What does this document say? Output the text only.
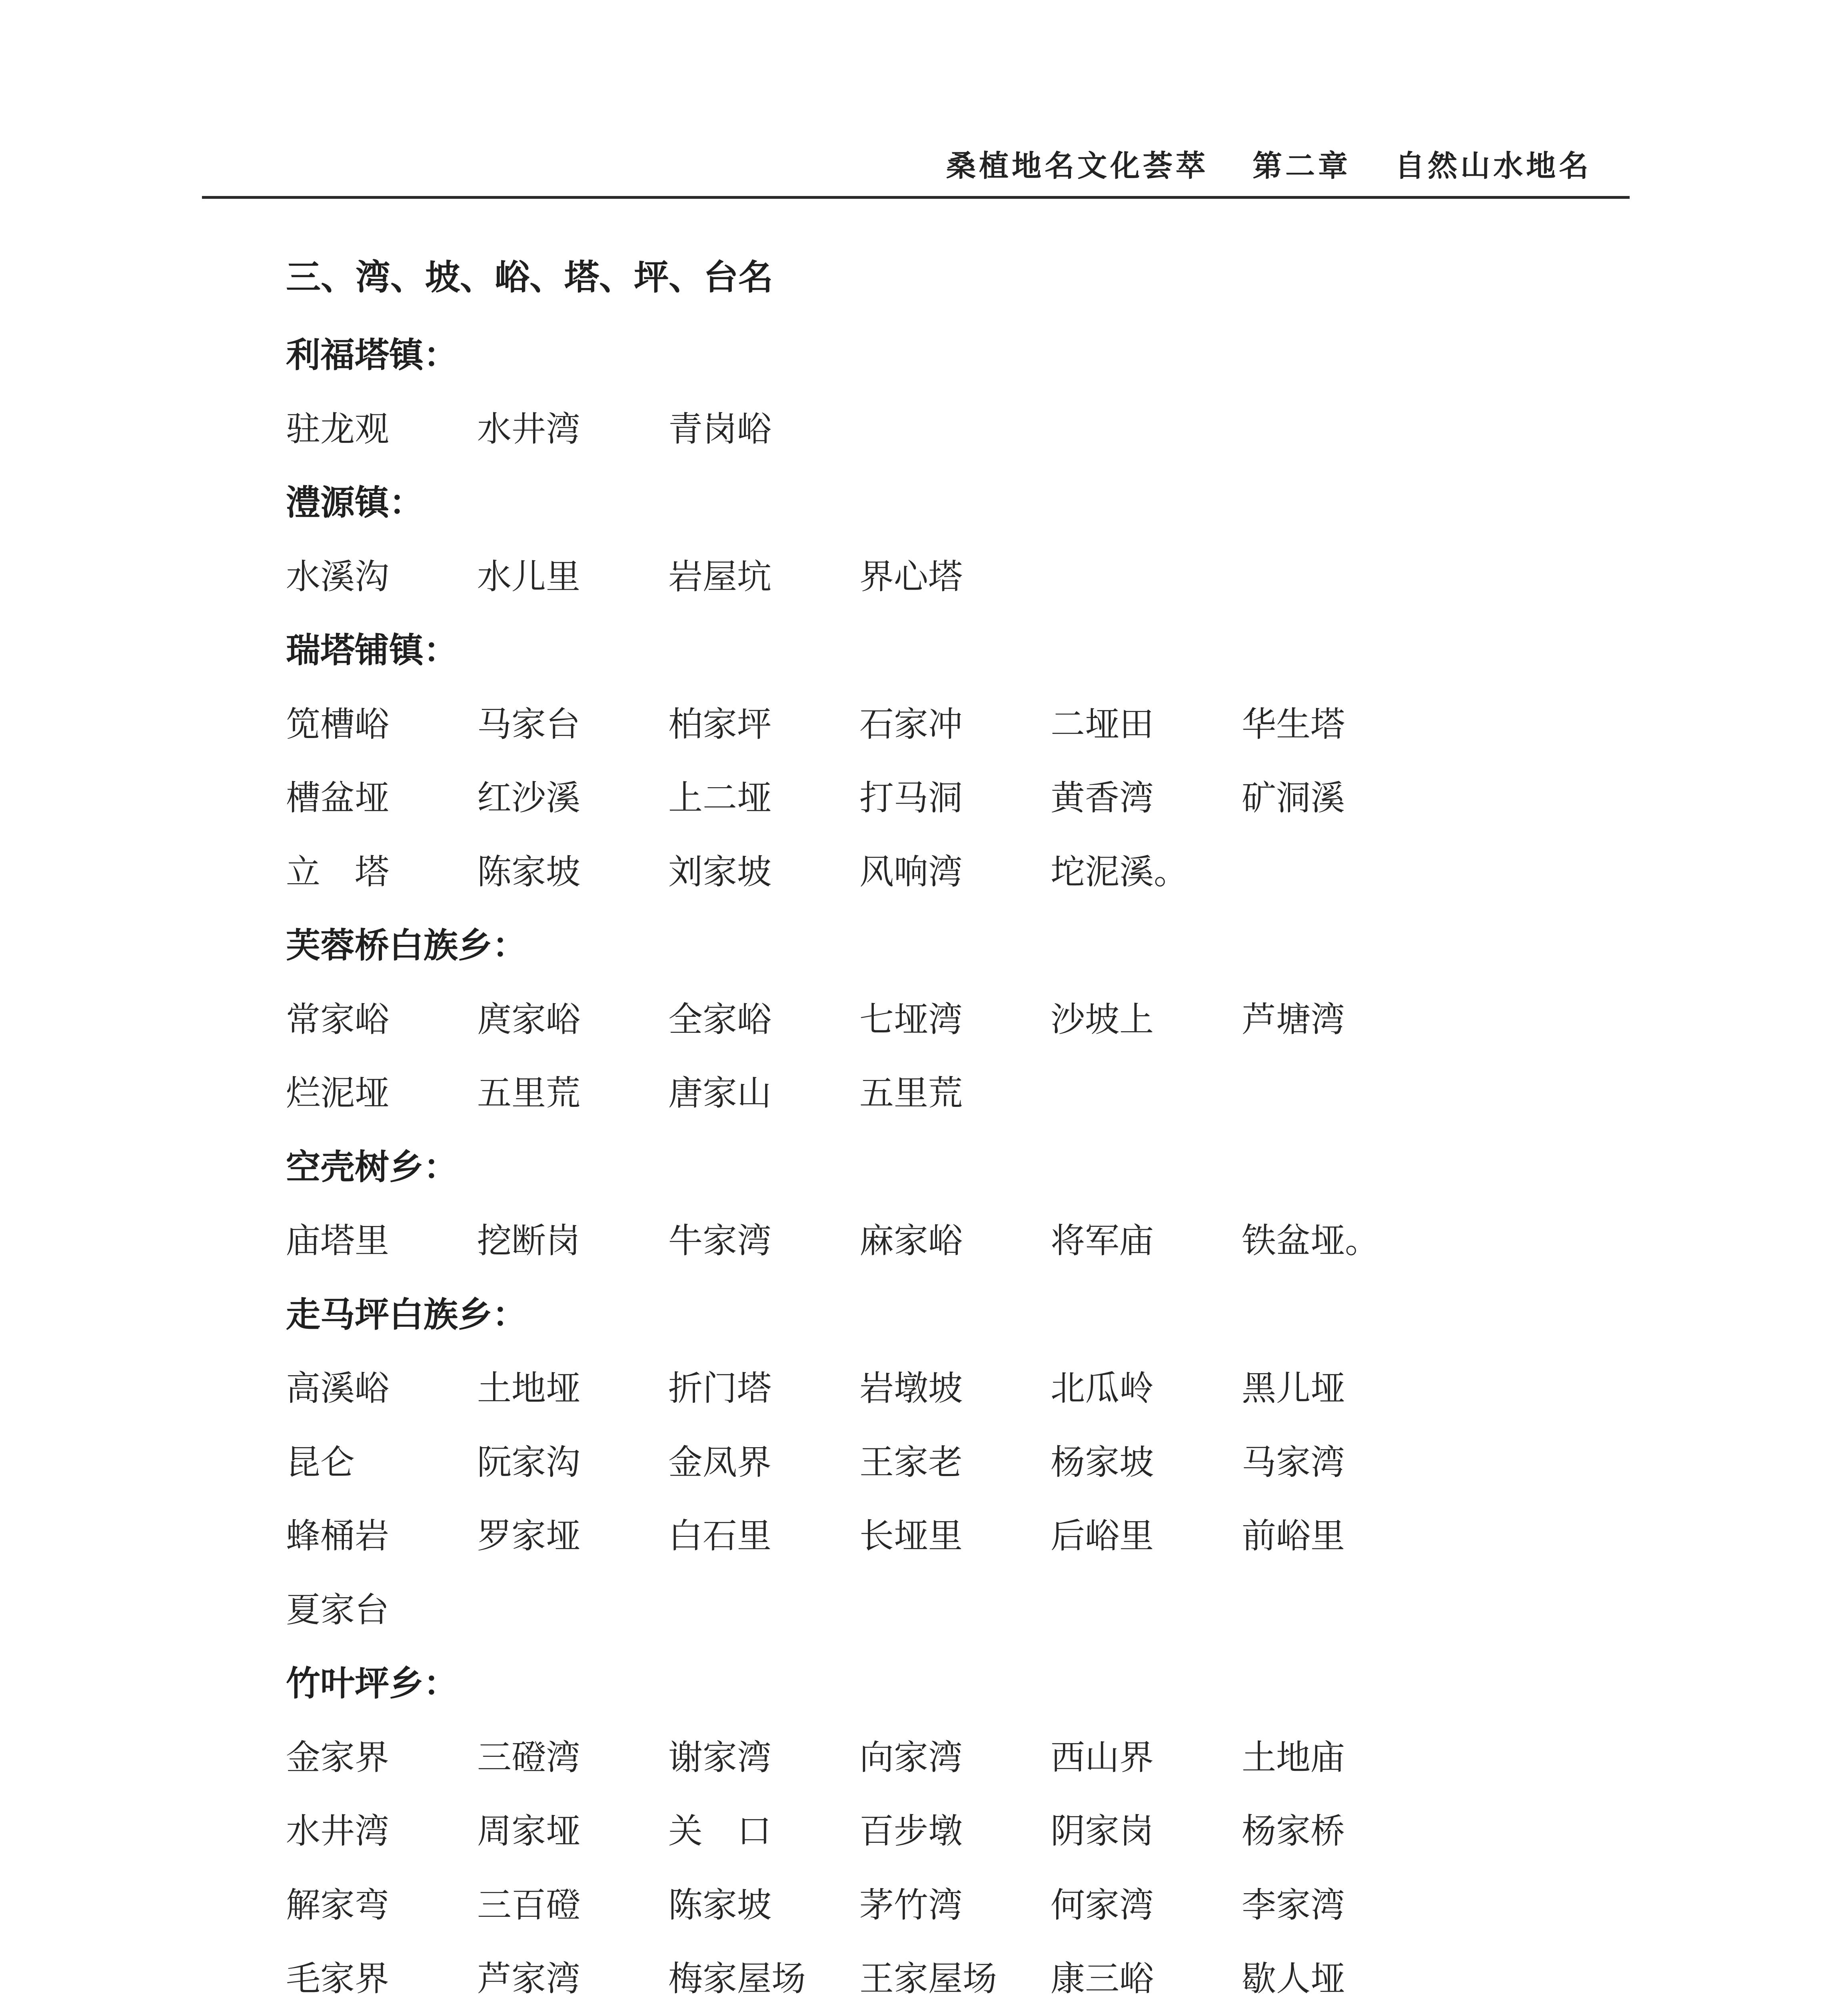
桑植地名文化荟萃 第二章 自然山水地名
三、湾、坡、峪、塔、坪、台名
利福塔镇：
驻龙观	水井湾	青岗峪
澧源镇：
水溪沟	水儿里	岩屋坑	界心塔
瑞塔铺镇：
笕槽峪	马家台	柏家坪	石家冲	二垭田	华生塔
槽盆垭	红沙溪	上二垭	打马洞	黄香湾	矿洞溪
立　塔	陈家坡	刘家坡	风响湾	坨泥溪。
芙蓉桥白族乡：
常家峪	庹家峪	全家峪	七垭湾	沙坡上	芦塘湾
烂泥垭	五里荒	唐家山	五里荒
空壳树乡：
庙塔里	挖断岗	牛家湾	麻家峪	将军庙	铁盆垭。
走马坪白族乡：
高溪峪	土地垭	折门塔	岩墩坡	北瓜岭	黑儿垭
昆仑	阮家沟	金凤界	王家老	杨家坡	马家湾
蜂桶岩	罗家垭	白石里	长垭里	后峪里	前峪里
夏家台
竹叶坪乡：
金家界	三磴湾	谢家湾	向家湾	西山界	土地庙
水井湾	周家垭	关　口	百步墩	阴家岗	杨家桥
解家弯	三百磴	陈家坡	茅竹湾	何家湾	李家湾
毛家界	芦家湾	梅家屋场	王家屋场	康三峪	歇人垭
